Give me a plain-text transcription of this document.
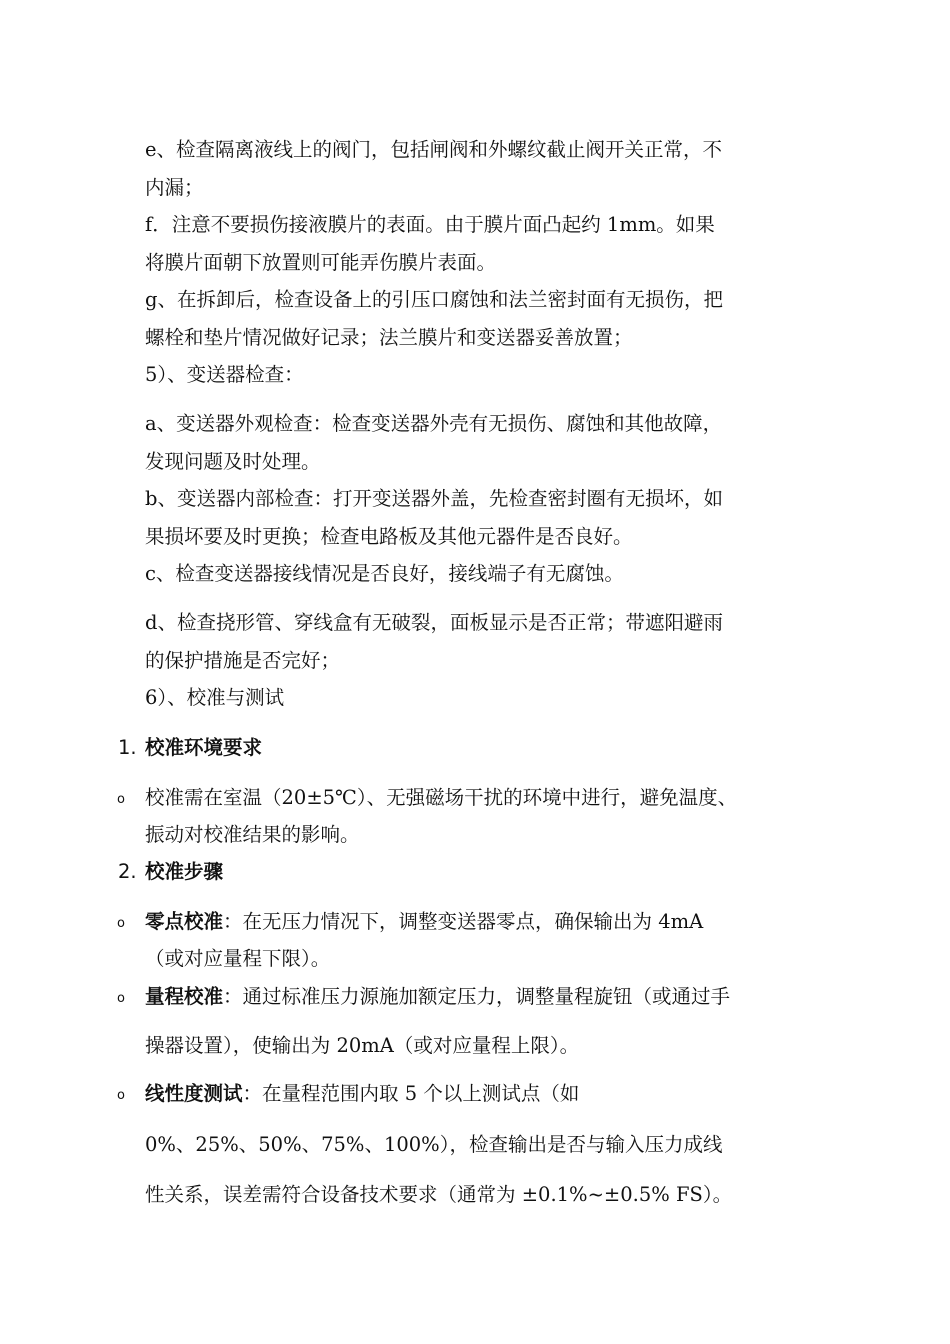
e、检查隔离液线上的阀门，包括闸阀和外螺纹截止阀开关正常，不
内漏；
f．注意不要损伤接液膜片的表面。由于膜片面凸起约 1mm。如果
将膜片面朝下放置则可能弄伤膜片表面。
g、在拆卸后，检查设备上的引压口腐蚀和法兰密封面有无损伤，把
螺栓和垫片情况做好记录；法兰膜片和变送器妥善放置；
5）、变送器检查：
a、变送器外观检查：检查变送器外壳有无损伤、腐蚀和其他故障，
发现问题及时处理。
b、变送器内部检查：打开变送器外盖，先检查密封圈有无损坏，如
果损坏要及时更换；检查电路板及其他元器件是否良好。
c、检查变送器接线情况是否良好，接线端子有无腐蚀。
d、检查挠形管、穿线盒有无破裂，面板显示是否正常；带遮阳避雨
的保护措施是否完好；
6）、校准与测试
1. 校准环境要求
o 校准需在室温（20±5℃）、无强磁场干扰的环境中进行，避免温度、
振动对校准结果的影响。
2. 校准步骤
o 零点校准：在无压力情况下，调整变送器零点，确保输出为 4mA
（或对应量程下限）。
o 量程校准：通过标准压力源施加额定压力，调整量程旋钮（或通过手
操器设置），使输出为 20mA（或对应量程上限）。
o 线性度测试：在量程范围内取 5 个以上测试点（如
0%、25%、50%、75%、100%），检查输出是否与输入压力成线
性关系，误差需符合设备技术要求（通常为 ±0.1%~±0.5% FS）。
